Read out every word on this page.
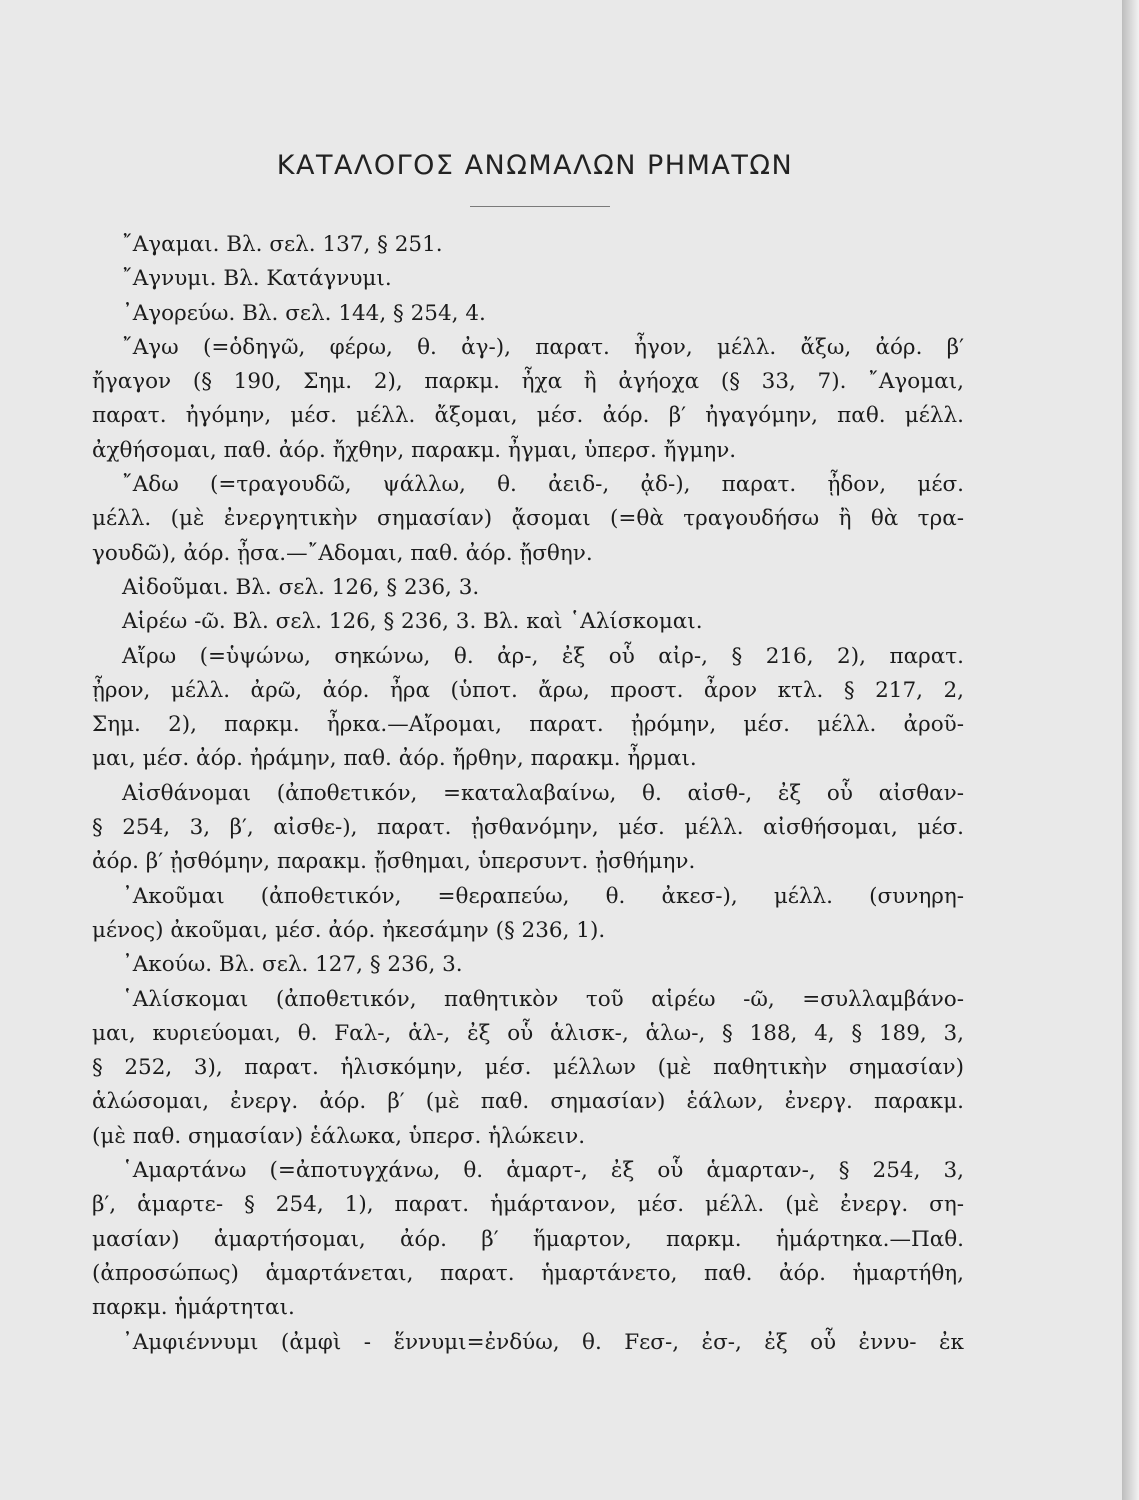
ΚΑΤΑΛΟΓΟΣ ΑΝΩΜΑΛΩΝ ΡΗΜΑΤΩΝ
῎Αγαμαι. Βλ. σελ. 137, § 251.
῎Αγνυμι. Βλ. Κατάγνυμι.
᾿Αγορεύω. Βλ. σελ. 144, § 254, 4.
῎Αγω (=ὁδηγῶ, φέρω, θ. ἀγ-), παρατ. ἦγον, μέλλ. ἄξω, ἀόρ. β′
ἤγαγον (§ 190, Σημ. 2), παρκμ. ἦχα ἢ ἀγήοχα (§ 33, 7). ῎Αγομαι,
παρατ. ἠγόμην, μέσ. μέλλ. ἄξομαι, μέσ. ἀόρ. β′ ἠγαγόμην, παθ. μέλλ.
ἀχθήσομαι, παθ. ἀόρ. ἤχθην, παρακμ. ἦγμαι, ὑπερσ. ἤγμην.
῎Αδω (=τραγουδῶ, ψάλλω, θ. ἀειδ-, ᾀδ-), παρατ. ᾖδον, μέσ.
μέλλ. (μὲ ἐνεργητικὴν σημασίαν) ᾄσομαι (=θὰ τραγουδήσω ἢ θὰ τρα-
γουδῶ), ἀόρ. ᾖσα.—῎Αδομαι, παθ. ἀόρ. ᾔσθην.
Αἰδοῦμαι. Βλ. σελ. 126, § 236, 3.
Αἱρέω -ῶ. Βλ. σελ. 126, § 236, 3. Βλ. καὶ ῾Αλίσκομαι.
Αἴρω (=ὑψώνω, σηκώνω, θ. ἀρ-, ἐξ οὗ αἰρ-, § 216, 2), παρατ.
ᾖρον, μέλλ. ἀρῶ, ἀόρ. ἦρα (ὑποτ. ἄρω, προστ. ἆρον κτλ. § 217, 2,
Σημ. 2), παρκμ. ἦρκα.—Αἴρομαι, παρατ. ᾐρόμην, μέσ. μέλλ. ἀροῦ-
μαι, μέσ. ἀόρ. ἠράμην, παθ. ἀόρ. ἤρθην, παρακμ. ἦρμαι.
Αἰσθάνομαι (ἀποθετικόν, =καταλαβαίνω, θ. αἰσθ-, ἐξ οὗ αἰσθαν-
§ 254, 3, β′, αἰσθε-), παρατ. ᾐσθανόμην, μέσ. μέλλ. αἰσθήσομαι, μέσ.
ἀόρ. β′ ᾐσθόμην, παρακμ. ᾔσθημαι, ὑπερσυντ. ᾐσθήμην.
᾿Ακοῦμαι (ἀποθετικόν, =θεραπεύω, θ. ἀκεσ-), μέλλ. (συνηρη-
μένος) ἀκοῦμαι, μέσ. ἀόρ. ἠκεσάμην (§ 236, 1).
᾿Ακούω. Βλ. σελ. 127, § 236, 3.
῾Αλίσκομαι (ἀποθετικόν, παθητικὸν τοῦ αἱρέω -ῶ, =συλλαμβάνο-
μαι, κυριεύομαι, θ. Fαλ-, ἁλ-, ἐξ οὗ ἁλισκ-, ἁλω-, § 188, 4, § 189, 3,
§ 252, 3), παρατ. ἡλισκόμην, μέσ. μέλλων (μὲ παθητικὴν σημασίαν)
ἁλώσομαι, ἐνεργ. ἀόρ. β′ (μὲ παθ. σημασίαν) ἑάλων, ἐνεργ. παρακμ.
(μὲ παθ. σημασίαν) ἑάλωκα, ὑπερσ. ἡλώκειν.
῾Αμαρτάνω (=ἀποτυγχάνω, θ. ἁμαρτ-, ἐξ οὗ ἁμαρταν-, § 254, 3,
β′, ἁμαρτε- § 254, 1), παρατ. ἡμάρτανον, μέσ. μέλλ. (μὲ ἐνεργ. ση-
μασίαν) ἁμαρτήσομαι, ἀόρ. β′ ἥμαρτον, παρκμ. ἡμάρτηκα.—Παθ.
(ἀπροσώπως) ἁμαρτάνεται, παρατ. ἡμαρτάνετο, παθ. ἀόρ. ἡμαρτήθη,
παρκμ. ἡμάρτηται.
᾿Αμφιέννυμι (ἀμφὶ - ἕννυμι=ἐνδύω, θ. Fεσ-, ἐσ-, ἐξ οὗ ἐννυ- ἐκ
